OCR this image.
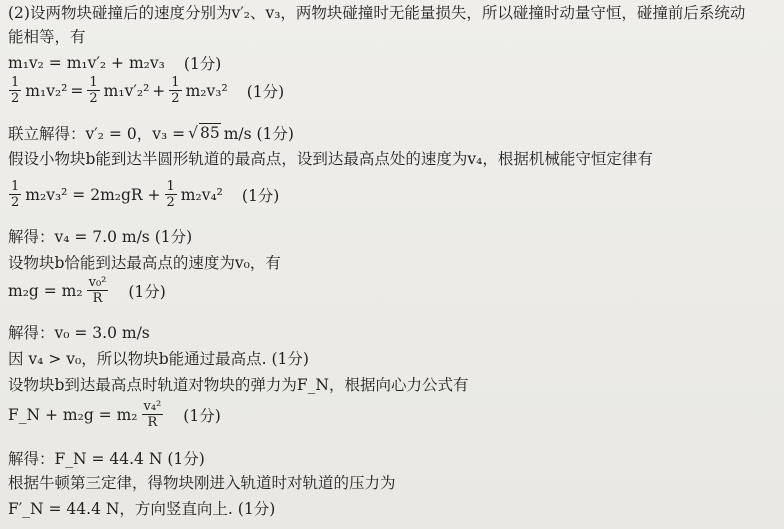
(2)设两物块碰撞后的速度分别为v′₂、v₃，两物块碰撞时无能量损失，所以碰撞时动量守恒，碰撞前后系统动
能相等，有
m₁v₂ = m₁v′₂ + m₂v₃ (1分)
$\frac{1}{2} m_1v_2^2 = \frac{1}{2} m_1v'_2^2 + \frac{1}{2} m_2v_3^2$ (1分)
联立解得：v′₂ = 0，v₃ = √ 85 m/s (1分)
假设小物块b能到达半圆形轨道的最高点，设到达最高点处的速度为v₄，根据机械能守恒定律有
$\frac{1}{2} m_2v_3^2 = 2m_2gR + \frac{1}{2} m_2v_4^2$ (1分)
解得：v₄ = 7.0 m/s (1分)
设物块b恰能到达最高点的速度为v₀，有
$m_2g = m_2 \frac{\text{v₀²}}{R} (1$分)
解得：v₀ = 3.0 m/s
因 v₄ > v₀，所以物块b能通过最高点. (1分)
设物块b到达最高点时轨道对物块的弹力为F_N，根据向心力公式有
F_N + $m_2g = m_2 \frac{\text{v₄²}}{R} (1$分)
解得：F_N = 44.4 N (1分)
根据牛顿第三定律，得物块刚进入轨道时对轨道的压力为
F′_N = 44.4 N，方向竖直向上. (1分)
